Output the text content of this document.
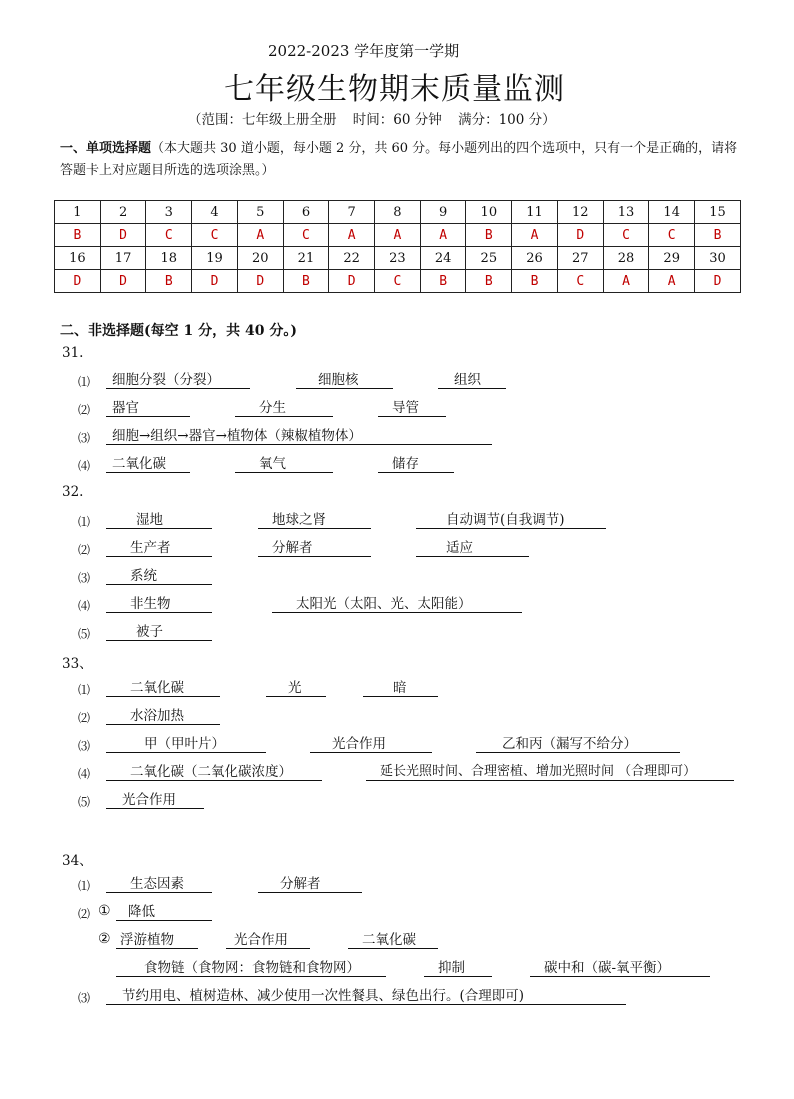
2022-2023 学年度第一学期
七年级生物期末质量监测
（范围：七年级上册全册 时间：60 分钟 满分：100 分）
一、单项选择题（本大题共 30 道小题，每小题 2 分，共 60 分。每小题列出的四个选项中，只有一个是正确的，请将答题卡上对应题目所选的选项涂黑。）
1	2	3	4	5	6	7	8	9	10	11	12	13	14	15
B	D	C	C	A	C	A	A	A	B	A	D	C	C	B
16	17	18	19	20	21	22	23	24	25	26	27	28	29	30
D	D	B	D	D	B	D	C	B	B	B	C	A	A	D
二、非选择题(每空 1 分，共 40 分。)
31.
⑴	细胞分裂（分裂）	细胞核	组织
⑵	器官	分生	导管
⑶	细胞→组织→器官→植物体（辣椒植物体）
⑷	二氧化碳	氧气	储存
32.
⑴	湿地	地球之肾	自动调节(自我调节)
⑵	生产者	分解者	适应
⑶	系统
⑷	非生物	太阳光（太阳、光、太阳能）
⑸	被子
33、
⑴	二氧化碳	光	暗
⑵	水浴加热
⑶	甲（甲叶片）	光合作用	乙和丙（漏写不给分）
⑷	二氧化碳（二氧化碳浓度）	延长光照时间、合理密植、增加光照时间 （合理即可）
⑸	光合作用
34、
⑴	生态因素	分解者
⑵ ①	降低
② 浮游植物	光合作用	二氧化碳
食物链（食物网：食物链和食物网）	抑制	碳中和（碳-氧平衡）
⑶	节约用电、植树造林、减少使用一次性餐具、绿色出行。(合理即可)
